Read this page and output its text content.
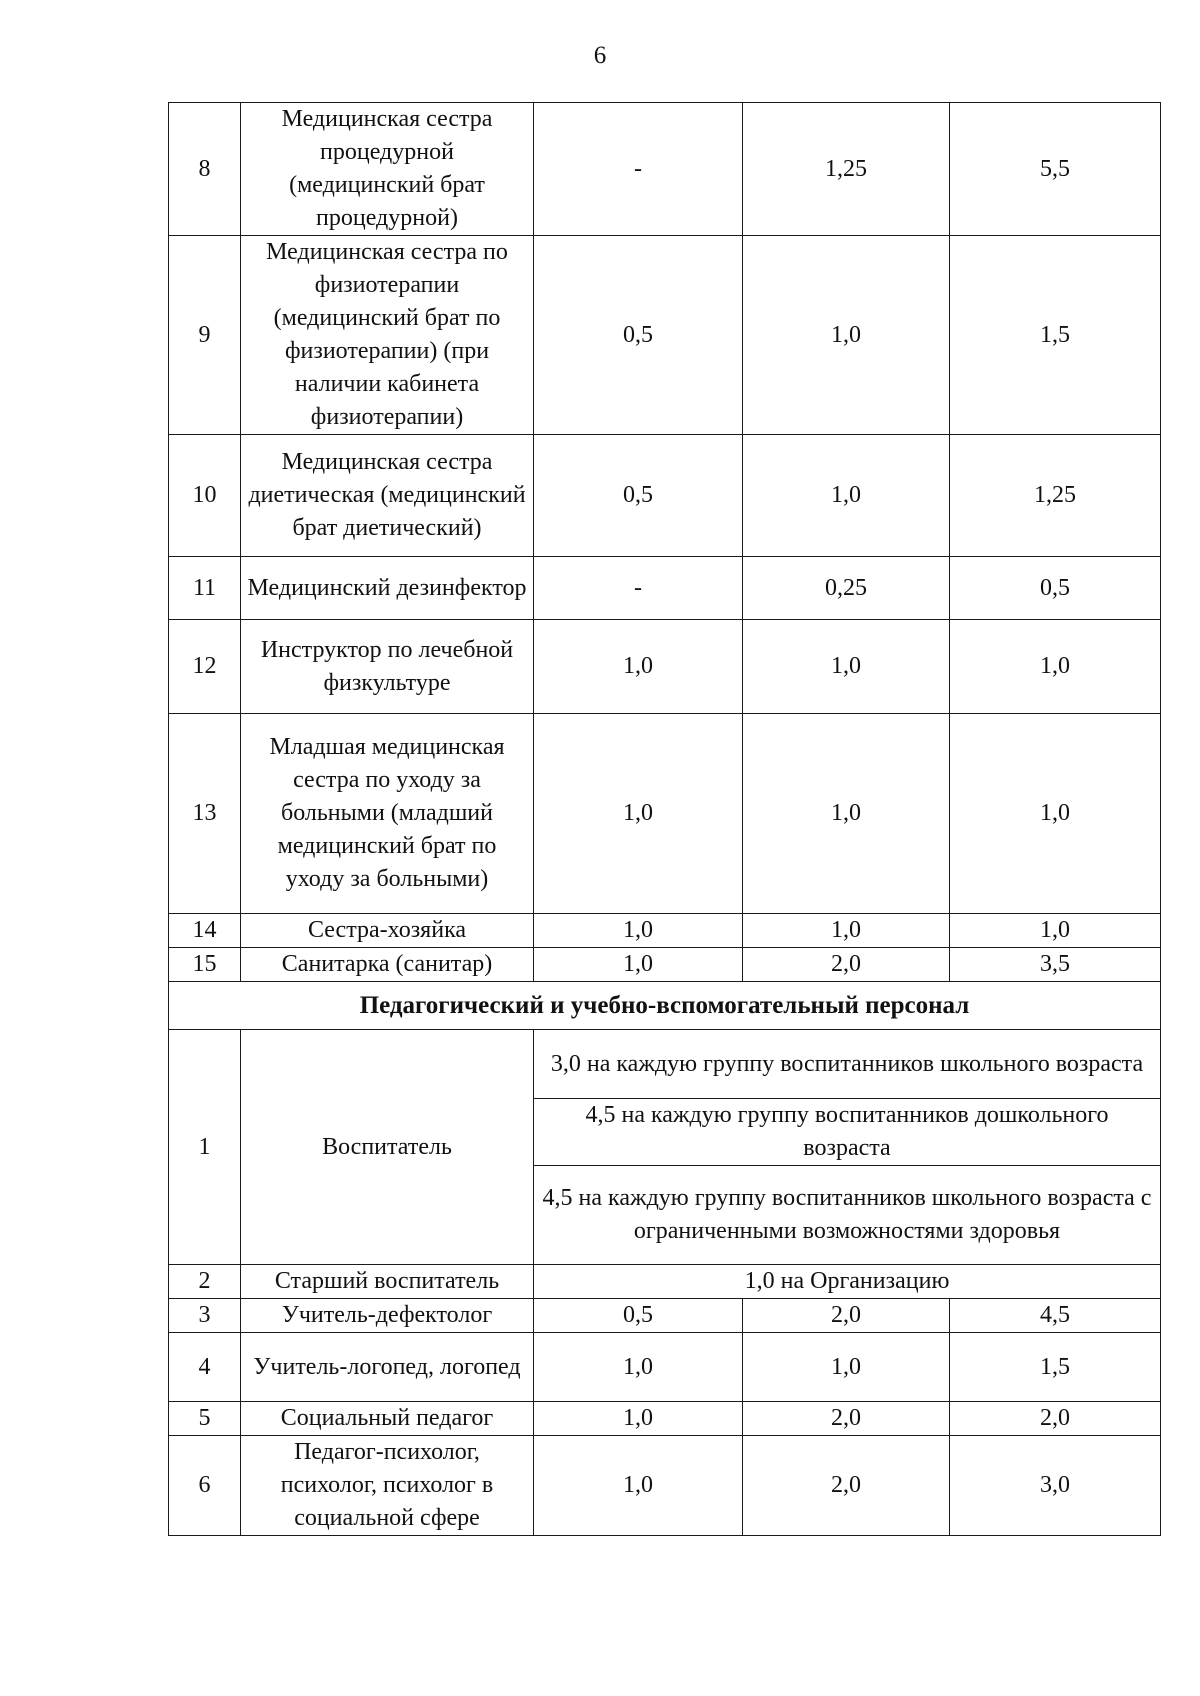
6
8	Медицинская сестра процедурной (медицинский брат процедурной)	-	1,25	5,5
9	Медицинская сестра по физиотерапии (медицинский брат по физиотерапии) (при наличии кабинета физиотерапии)	0,5	1,0	1,5
10	Медицинская сестра диетическая (медицинский брат диетический)	0,5	1,0	1,25
11	Медицинский дезинфектор	-	0,25	0,5
12	Инструктор по лечебной физкультуре	1,0	1,0	1,0
13	Младшая медицинская сестра по уходу за больными (младший медицинский брат по уходу за больными)	1,0	1,0	1,0
14	Сестра-хозяйка	1,0	1,0	1,0
15	Санитарка (санитар)	1,0	2,0	3,5
Педагогический и учебно-вспомогательный персонал				
1	Воспитатель	3,0 на каждую группу воспитанников школьного возраста		
		4,5 на каждую группу воспитанников дошкольного возраста		
		4,5 на каждую группу воспитанников школьного возраста с ограниченными возможностями здоровья		
2	Старший воспитатель	1,0 на Организацию		
3	Учитель-дефектолог	0,5	2,0	4,5
4	Учитель-логопед, логопед	1,0	1,0	1,5
5	Социальный педагог	1,0	2,0	2,0
6	Педагог-психолог, психолог, психолог в социальной сфере	1,0	2,0	3,0
